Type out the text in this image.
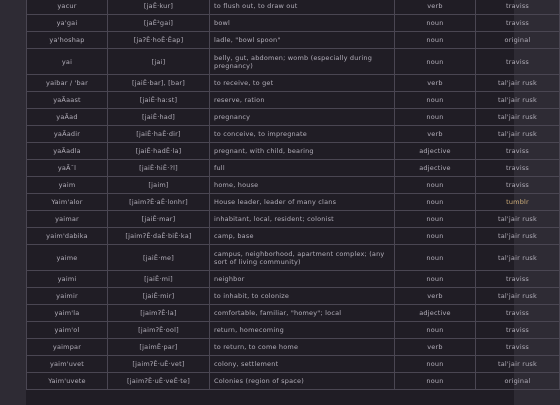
yacur	[jaÊ·kur]	to flush out, to draw out	verb	traviss
ya'gai	[jaÊ²gai]	bowl	noun	traviss
ya'hoshap	[jaʔÊ·hoÊ·Êap]	ladle, "bowl spoon"	noun	original
yai	[jai]	belly, gut, abdomen; womb (especially during pregnancy)	noun	traviss
yaibar / 'bar	[jaiÊ·bar], [bar]	to receive, to get	verb	tal'jair rusk
yaÃaast	[jaiÊ·haːst]	reserve, ration	noun	tal'jair rusk
yaÃad	[jaiÊ·had]	pregnancy	noun	tal'jair rusk
yaÃadir	[jaiÊ·haÊ·dir]	to conceive, to impregnate	verb	tal'jair rusk
yaÃadla	[jaiÊ·hadÊ·la]	pregnant, with child, bearing	adjective	traviss
yaÃ¯l	[jaiÊ·hiÊ·?l]	full	adjective	traviss
yaim	[jaim]	home, house	noun	traviss
Yaim'alor	[jaimʔÊ·aÊ·lonhr]	House leader, leader of many clans	noun	tumblr
yaimar	[jaiÊ·mar]	inhabitant, local, resident; colonist	noun	tal'jair rusk
yaim'dabika	[jaimʔÊ·daÊ·biÊ·ka]	camp, base	noun	tal'jair rusk
yaime	[jaiÊ·me]	campus, neighborhood, apartment complex; (any sort of living community)	noun	tal'jair rusk
yaimi	[jaiÊ·mi]	neighbor	noun	traviss
yaimir	[jaiÊ·mir]	to inhabit, to colonize	verb	tal'jair rusk
yaim'la	[jaimʔÊ·la]	comfortable, familiar, "homey"; local	adjective	traviss
yaim'ol	[jaimʔÊ·ool]	return, homecoming	noun	traviss
yaimpar	[jaimÊ·par]	to return, to come home	verb	traviss
yaim'uvet	[jaimʔÊ·uÊ·vet]	colony, settlement	noun	tal'jair rusk
Yaim'uvete	[jaimʔÊ·uÊ·veÊ·te]	Colonies (region of space)	noun	original
